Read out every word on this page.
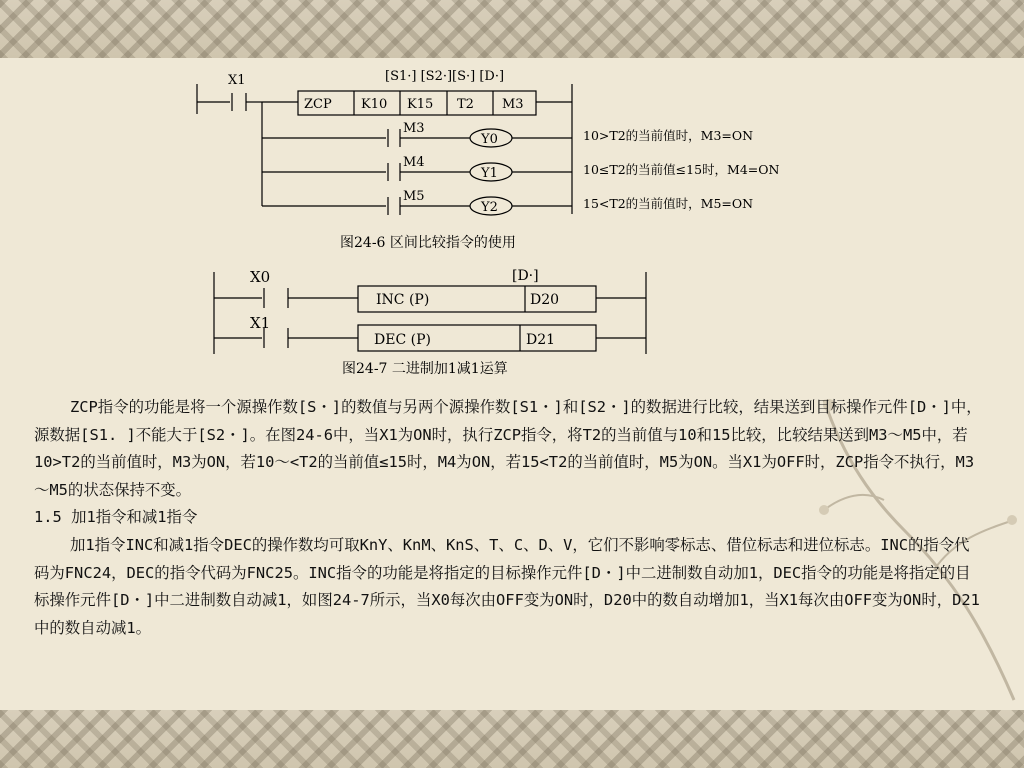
X1	[S1·] [S2·][S·] [D·]
ZCP K10 K15 T2 M3
M3
Y0	10>T2的当前值时，M3=ON
M4
Y1	10≤T2的当前值≤15时，M4=ON
M5
Y2	15<T2的当前值时，M5=ON
图24-6 区间比较指令的使用
X0
X1
[D·]
INC (P)	D20
DEC (P)	D21
图24-7 二进制加1减1运算

ZCP指令的功能是将一个源操作数[S・]的数值与另两个源操作数[S1・]和[S2・]的数据进行比较，结果送到目标操作元件[D・]中，源数据[S1. ]不能大于[S2・]。在图24-6中，当X1为ON时，执行ZCP指令，将T2的当前值与10和15比较，比较结果送到M3～M5中，若10>T2的当前值时，M3为ON，若10～<T2的当前值≤15时，M4为ON，若15<T2的当前值时，M5为ON。当X1为OFF时，ZCP指令不执行，M3～M5的状态保持不变。

1.5 加1指令和减1指令

加1指令INC和减1指令DEC的操作数均可取KnY、KnM、KnS、T、C、D、V，它们不影响零标志、借位标志和进位标志。INC的指令代码为FNC24，DEC的指令代码为FNC25。INC指令的功能是将指定的目标操作元件[D・]中二进制数自动加1，DEC指令的功能是将指定的目标操作元件[D・]中二进制数自动减1，如图24-7所示，当X0每次由OFF变为ON时，D20中的数自动增加1，当X1每次由OFF变为ON时，D21中的数自动减1。
